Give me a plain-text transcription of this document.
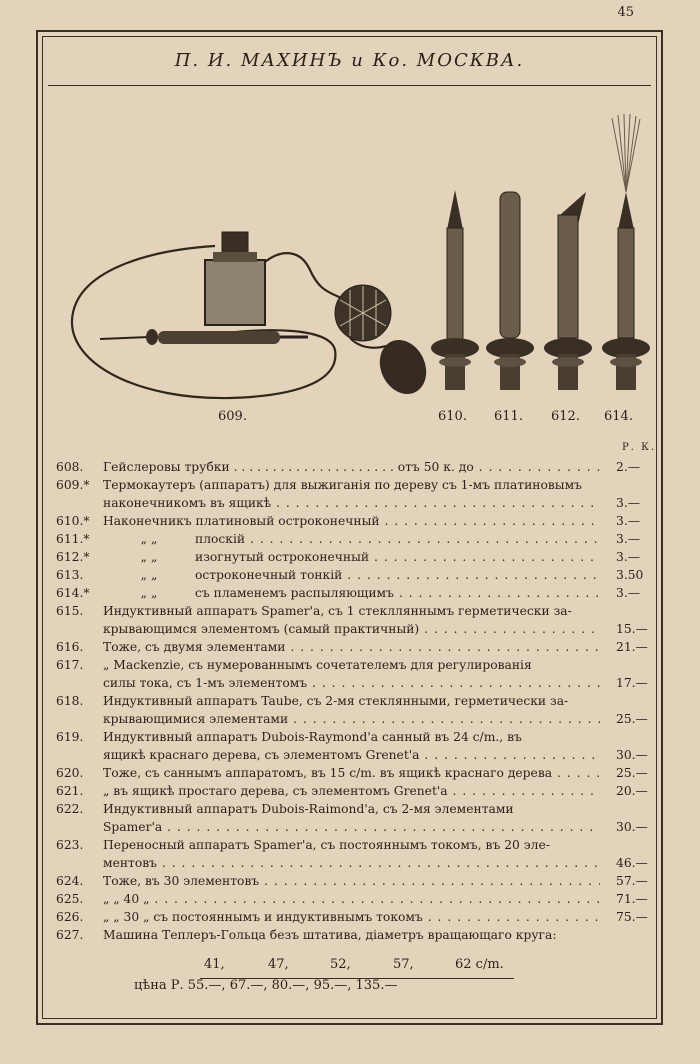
45
П. И. МАХИНЪ и Ко. МОСКВА.
609.	610. 611. 612. 614.
Р. К.
608.	Гейслеровы трубки . . . . . . . . . . . . . . . . . . . . . отъ 50 к. до . . .	2.—
609.*	Термокаутеръ (аппаратъ) для выжиганія по дереву съ 1-мъ платиновымъ
наконечникомъ въ ящикѣ . . .	3.—
610.*	Наконечникъ платиновый остроконечный . . .	3.—
611.*	„ „	плоскій . . .	3.—
612.*	„ „	изогнутый остроконечный . . .	3.—
613.	„ „	остроконечный тонкій . . .	3.50
614.*	„ „	съ пламенемъ распыляющимъ . . .	3.—
615.	Индуктивный аппаратъ Spamer'a, съ 1 стеклляннымъ герметически за-
крывающимся элементомъ (самый практичный) . . .	15.—
616.	Тоже, съ двумя элементами . . .	21.—
617.	„ Mackenzie, съ нумерованнымъ сочетателемъ для регулированія
силы тока, съ 1-мъ элементомъ . . .	17.—
618.	Индуктивный аппаратъ Taube, съ 2-мя стеклянными, герметически за-
крывающимися элементами . . .	25.—
619.	Индуктивный аппаратъ Dubois-Raymond'a санный въ 24 c/m., въ
ящикѣ краснаго дерева, съ элементомъ Grenet'a . . .	30.—
620.	Тоже, съ саннымъ аппаратомъ, въ 15 c/m. въ ящикѣ краснаго дерева . . .	25.—
621.	„ въ ящикѣ простаго дерева, съ элементомъ Grenet'a . . .	20.—
622.	Индуктивный аппаратъ Dubois-Raimond'a, съ 2-мя элементами
Spamer'a . . .	30.—
623.	Переносный аппаратъ Spamer'a, съ постояннымъ токомъ, въ 20 эле-
ментовъ . . .	46.—
624.	Тоже, въ 30 элементовъ . . .	57.—
625.	„ „ 40 „ . . .	71.—
626.	„ „ 30 „ съ постояннымъ и индуктивнымъ токомъ . . .	75.—
627.	Машина Теплеръ-Гольца безъ штатива, діаметръ вращающаго круга:
41,	47,	52,	57,	62 c/m.
цѣна Р. 55.—, 67.—, 80.—, 95.—, 135.—
